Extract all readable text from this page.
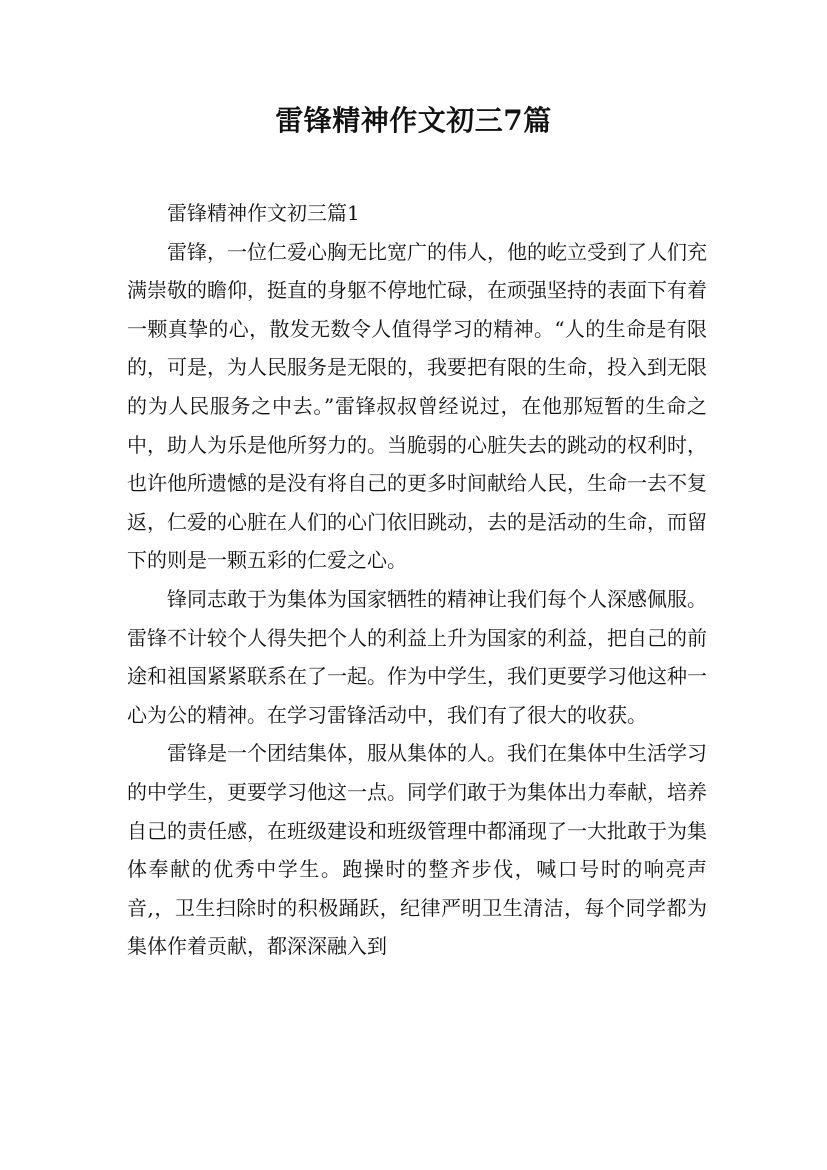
雷锋精神作文初三7篇

雷锋精神作文初三篇1

雷锋，一位仁爱心胸无比宽广的伟人，他的屹立受到了人们充满崇敬的瞻仰，挺直的身躯不停地忙碌，在顽强坚持的表面下有着一颗真挚的心，散发无数令人值得学习的精神。“人的生命是有限的，可是，为人民服务是无限的，我要把有限的生命，投入到无限的为人民服务之中去。”雷锋叔叔曾经说过，在他那短暂的生命之中，助人为乐是他所努力的。当脆弱的心脏失去的跳动的权利时，也许他所遗憾的是没有将自己的更多时间献给人民，生命一去不复返，仁爱的心脏在人们的心门依旧跳动，去的是活动的生命，而留下的则是一颗五彩的仁爱之心。

锋同志敢于为集体为国家牺牲的精神让我们每个人深感佩服。雷锋不计较个人得失把个人的利益上升为国家的利益，把自己的前途和祖国紧紧联系在了一起。作为中学生，我们更要学习他这种一心为公的精神。在学习雷锋活动中，我们有了很大的收获。

雷锋是一个团结集体，服从集体的人。我们在集体中生活学习的中学生，更要学习他这一点。同学们敢于为集体出力奉献，培养自己的责任感，在班级建设和班级管理中都涌现了一大批敢于为集体奉献的优秀中学生。跑操时的整齐步伐，喊口号时的响亮声音,，卫生扫除时的积极踊跃，纪律严明卫生清洁，每个同学都为集体作着贡献，都深深融入到
